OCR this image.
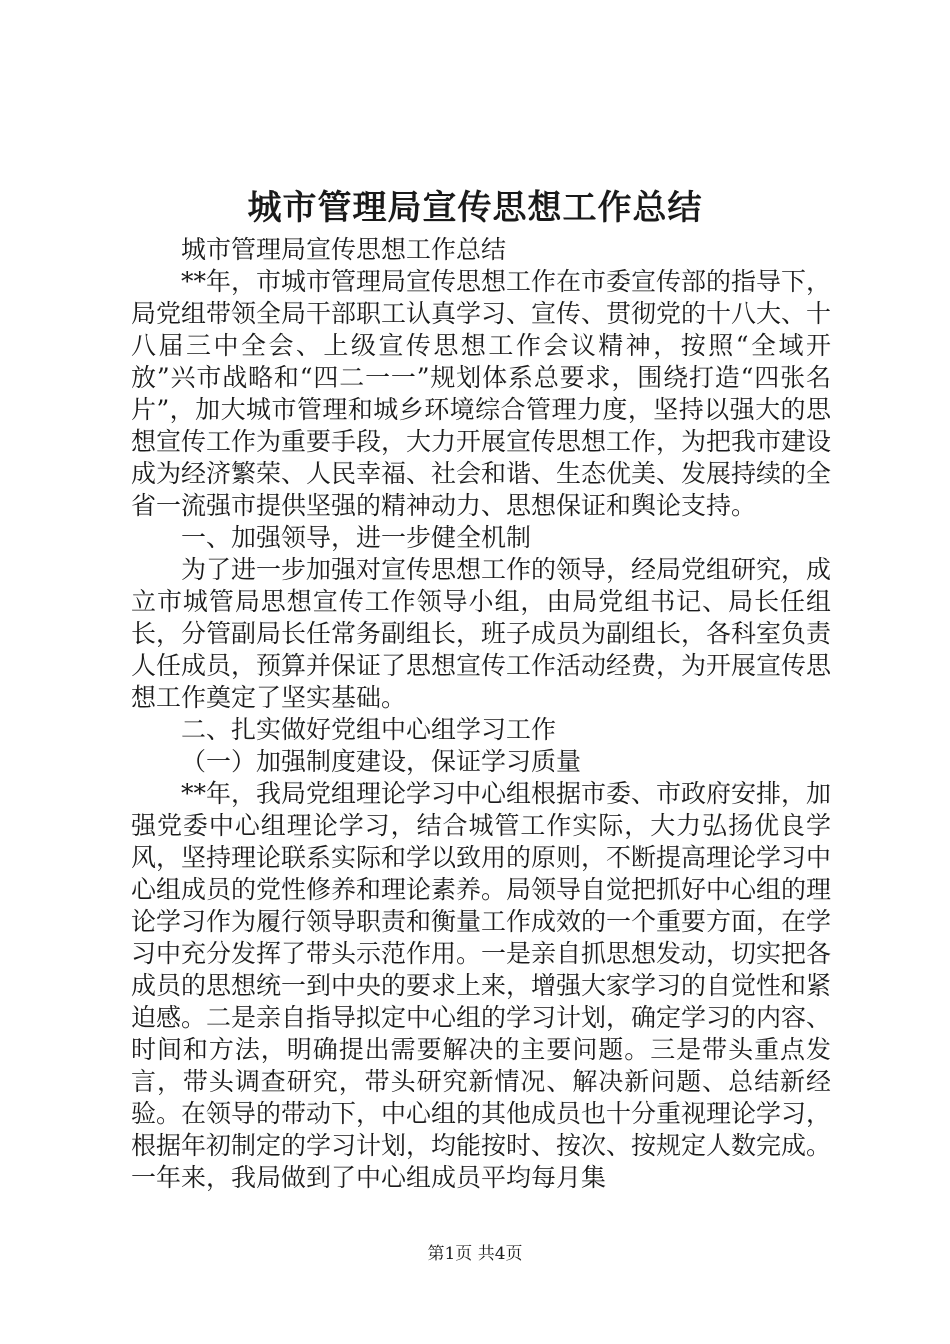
城市管理局宣传思想工作总结

城市管理局宣传思想工作总结

**年，市城市管理局宣传思想工作在市委宣传部的指导下，局党组带领全局干部职工认真学习、宣传、贯彻党的十八大、十八届三中全会、上级宣传思想工作会议精神，按照“全域开放”兴市战略和“四二一一”规划体系总要求，围绕打造“四张名片”，加大城市管理和城乡环境综合管理力度，坚持以强大的思想宣传工作为重要手段，大力开展宣传思想工作，为把我市建设成为经济繁荣、人民幸福、社会和谐、生态优美、发展持续的全省一流强市提供坚强的精神动力、思想保证和舆论支持。

一、加强领导，进一步健全机制

为了进一步加强对宣传思想工作的领导，经局党组研究，成立市城管局思想宣传工作领导小组，由局党组书记、局长任组长，分管副局长任常务副组长，班子成员为副组长，各科室负责人任成员，预算并保证了思想宣传工作活动经费，为开展宣传思想工作奠定了坚实基础。

二、扎实做好党组中心组学习工作

（一）加强制度建设，保证学习质量

**年，我局党组理论学习中心组根据市委、市政府安排，加强党委中心组理论学习，结合城管工作实际，大力弘扬优良学风，坚持理论联系实际和学以致用的原则，不断提高理论学习中心组成员的党性修养和理论素养。局领导自觉把抓好中心组的理论学习作为履行领导职责和衡量工作成效的一个重要方面，在学习中充分发挥了带头示范作用。一是亲自抓思想发动，切实把各成员的思想统一到中央的要求上来，增强大家学习的自觉性和紧迫感。二是亲自指导拟定中心组的学习计划，确定学习的内容、时间和方法，明确提出需要解决的主要问题。三是带头重点发言，带头调查研究，带头研究新情况、解决新问题、总结新经验。在领导的带动下，中心组的其他成员也十分重视理论学习，根据年初制定的学习计划，均能按时、按次、按规定人数完成。一年来，我局做到了中心组成员平均每月集

第1页 共4页
